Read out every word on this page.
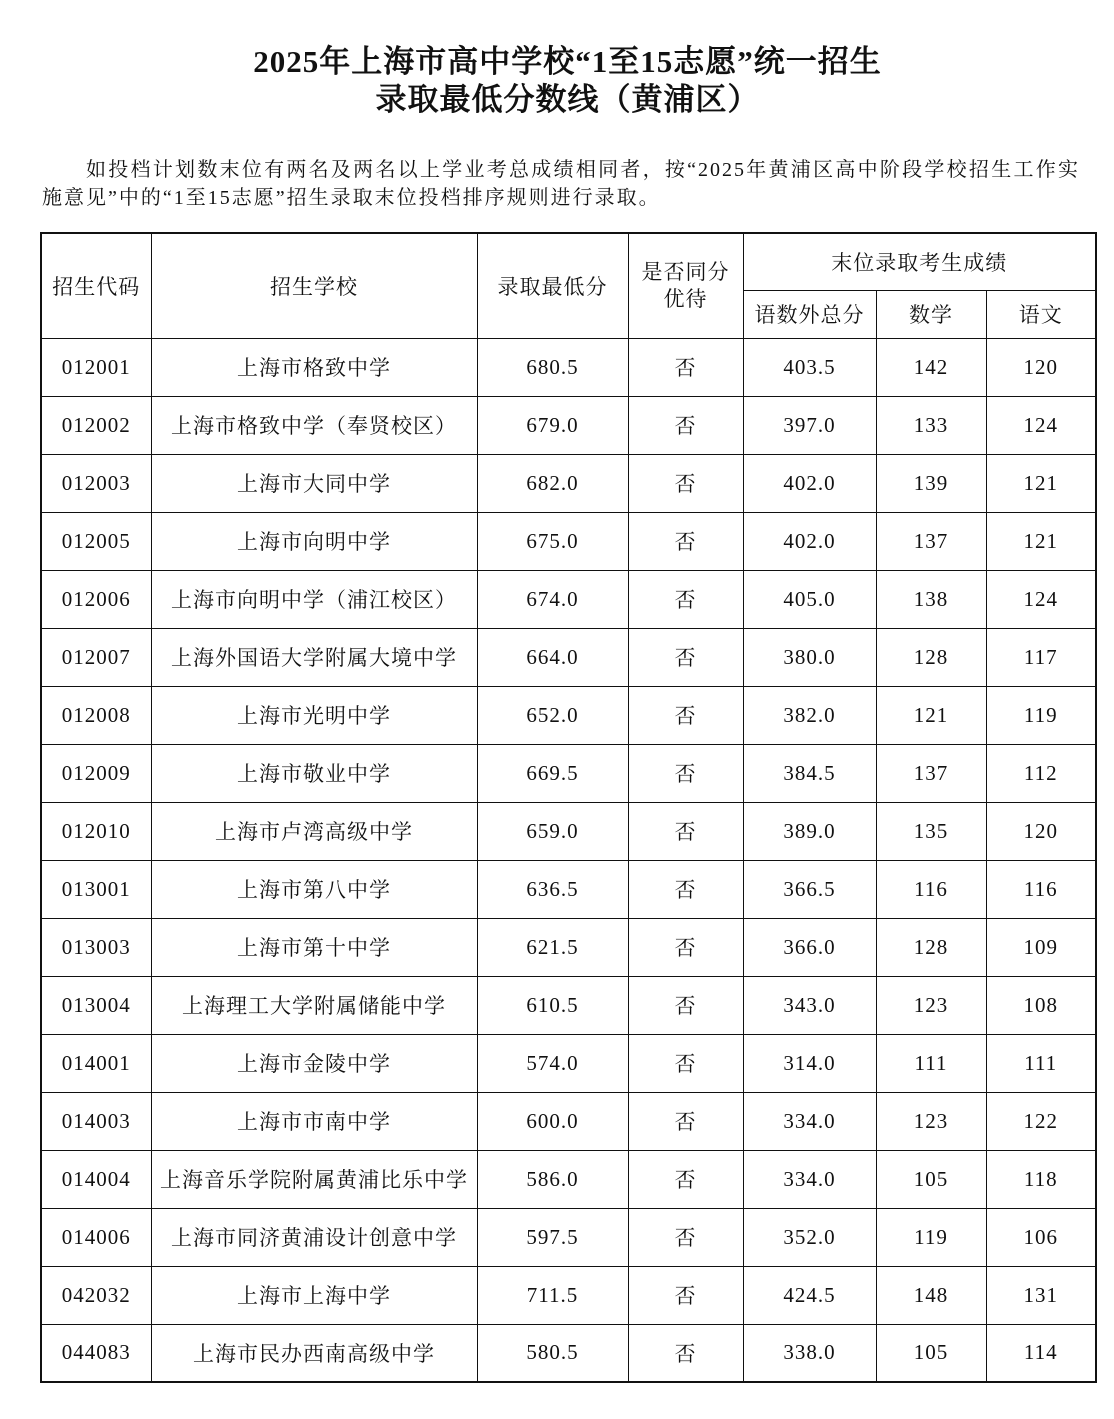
2025年上海市高中学校“1至15志愿”统一招生
录取最低分数线（黄浦区）

如投档计划数末位有两名及两名以上学业考总成绩相同者，按“2025年黄浦区高中阶段学校招生工作实施意见”中的“1至15志愿”招生录取末位投档排序规则进行录取。

招生代码	招生学校	录取最低分	是否同分优待	末位录取考生成绩		
				语数外总分	数学	语文
012001	上海市格致中学	680.5	否	403.5	142	120
012002	上海市格致中学（奉贤校区）	679.0	否	397.0	133	124
012003	上海市大同中学	682.0	否	402.0	139	121
012005	上海市向明中学	675.0	否	402.0	137	121
012006	上海市向明中学（浦江校区）	674.0	否	405.0	138	124
012007	上海外国语大学附属大境中学	664.0	否	380.0	128	117
012008	上海市光明中学	652.0	否	382.0	121	119
012009	上海市敬业中学	669.5	否	384.5	137	112
012010	上海市卢湾高级中学	659.0	否	389.0	135	120
013001	上海市第八中学	636.5	否	366.5	116	116
013003	上海市第十中学	621.5	否	366.0	128	109
013004	上海理工大学附属储能中学	610.5	否	343.0	123	108
014001	上海市金陵中学	574.0	否	314.0	111	111
014003	上海市市南中学	600.0	否	334.0	123	122
014004	上海音乐学院附属黄浦比乐中学	586.0	否	334.0	105	118
014006	上海市同济黄浦设计创意中学	597.5	否	352.0	119	106
042032	上海市上海中学	711.5	否	424.5	148	131
044083	上海市民办西南高级中学	580.5	否	338.0	105	114
